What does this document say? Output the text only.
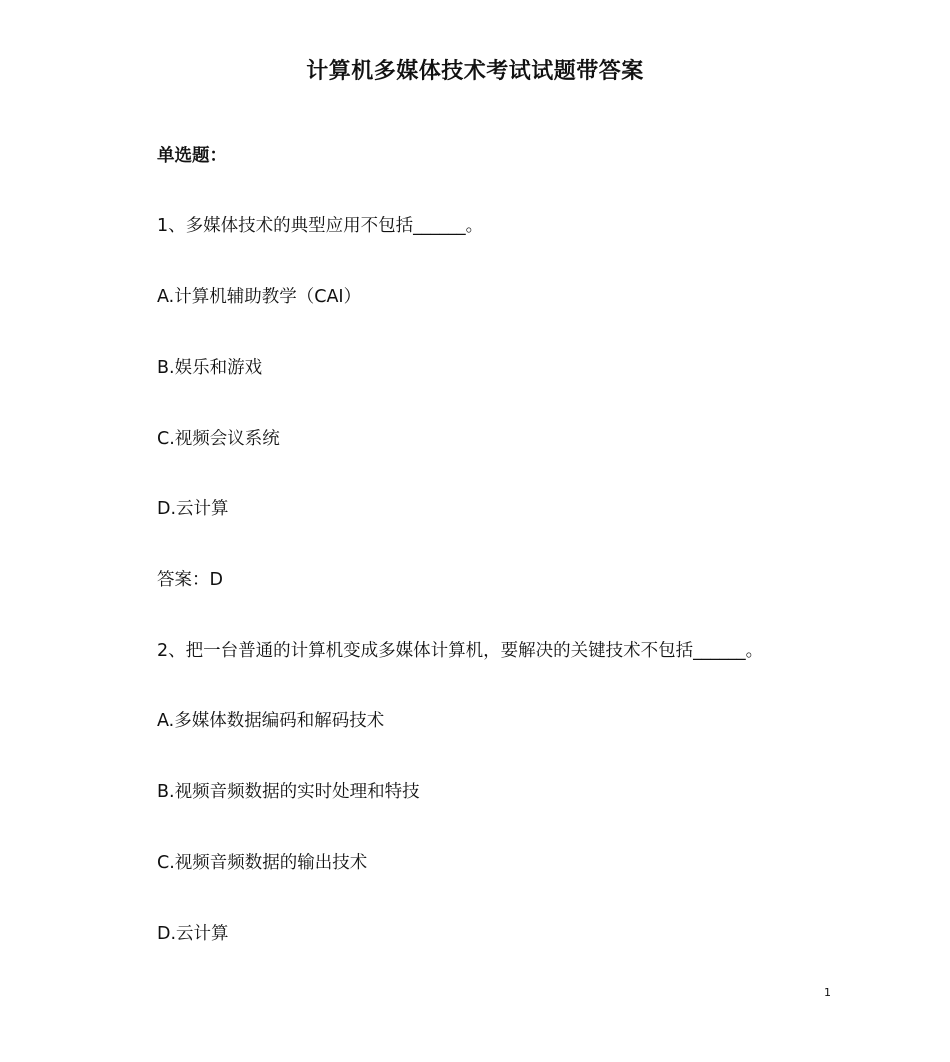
计算机多媒体技术考试试题带答案
单选题：
1、多媒体技术的典型应用不包括______。
A.计算机辅助教学（CAI）
B.娱乐和游戏
C.视频会议系统
D.云计算
答案：D
2、把一台普通的计算机变成多媒体计算机，要解决的关键技术不包括______。
A.多媒体数据编码和解码技术
B.视频音频数据的实时处理和特技
C.视频音频数据的输出技术
D.云计算
1
